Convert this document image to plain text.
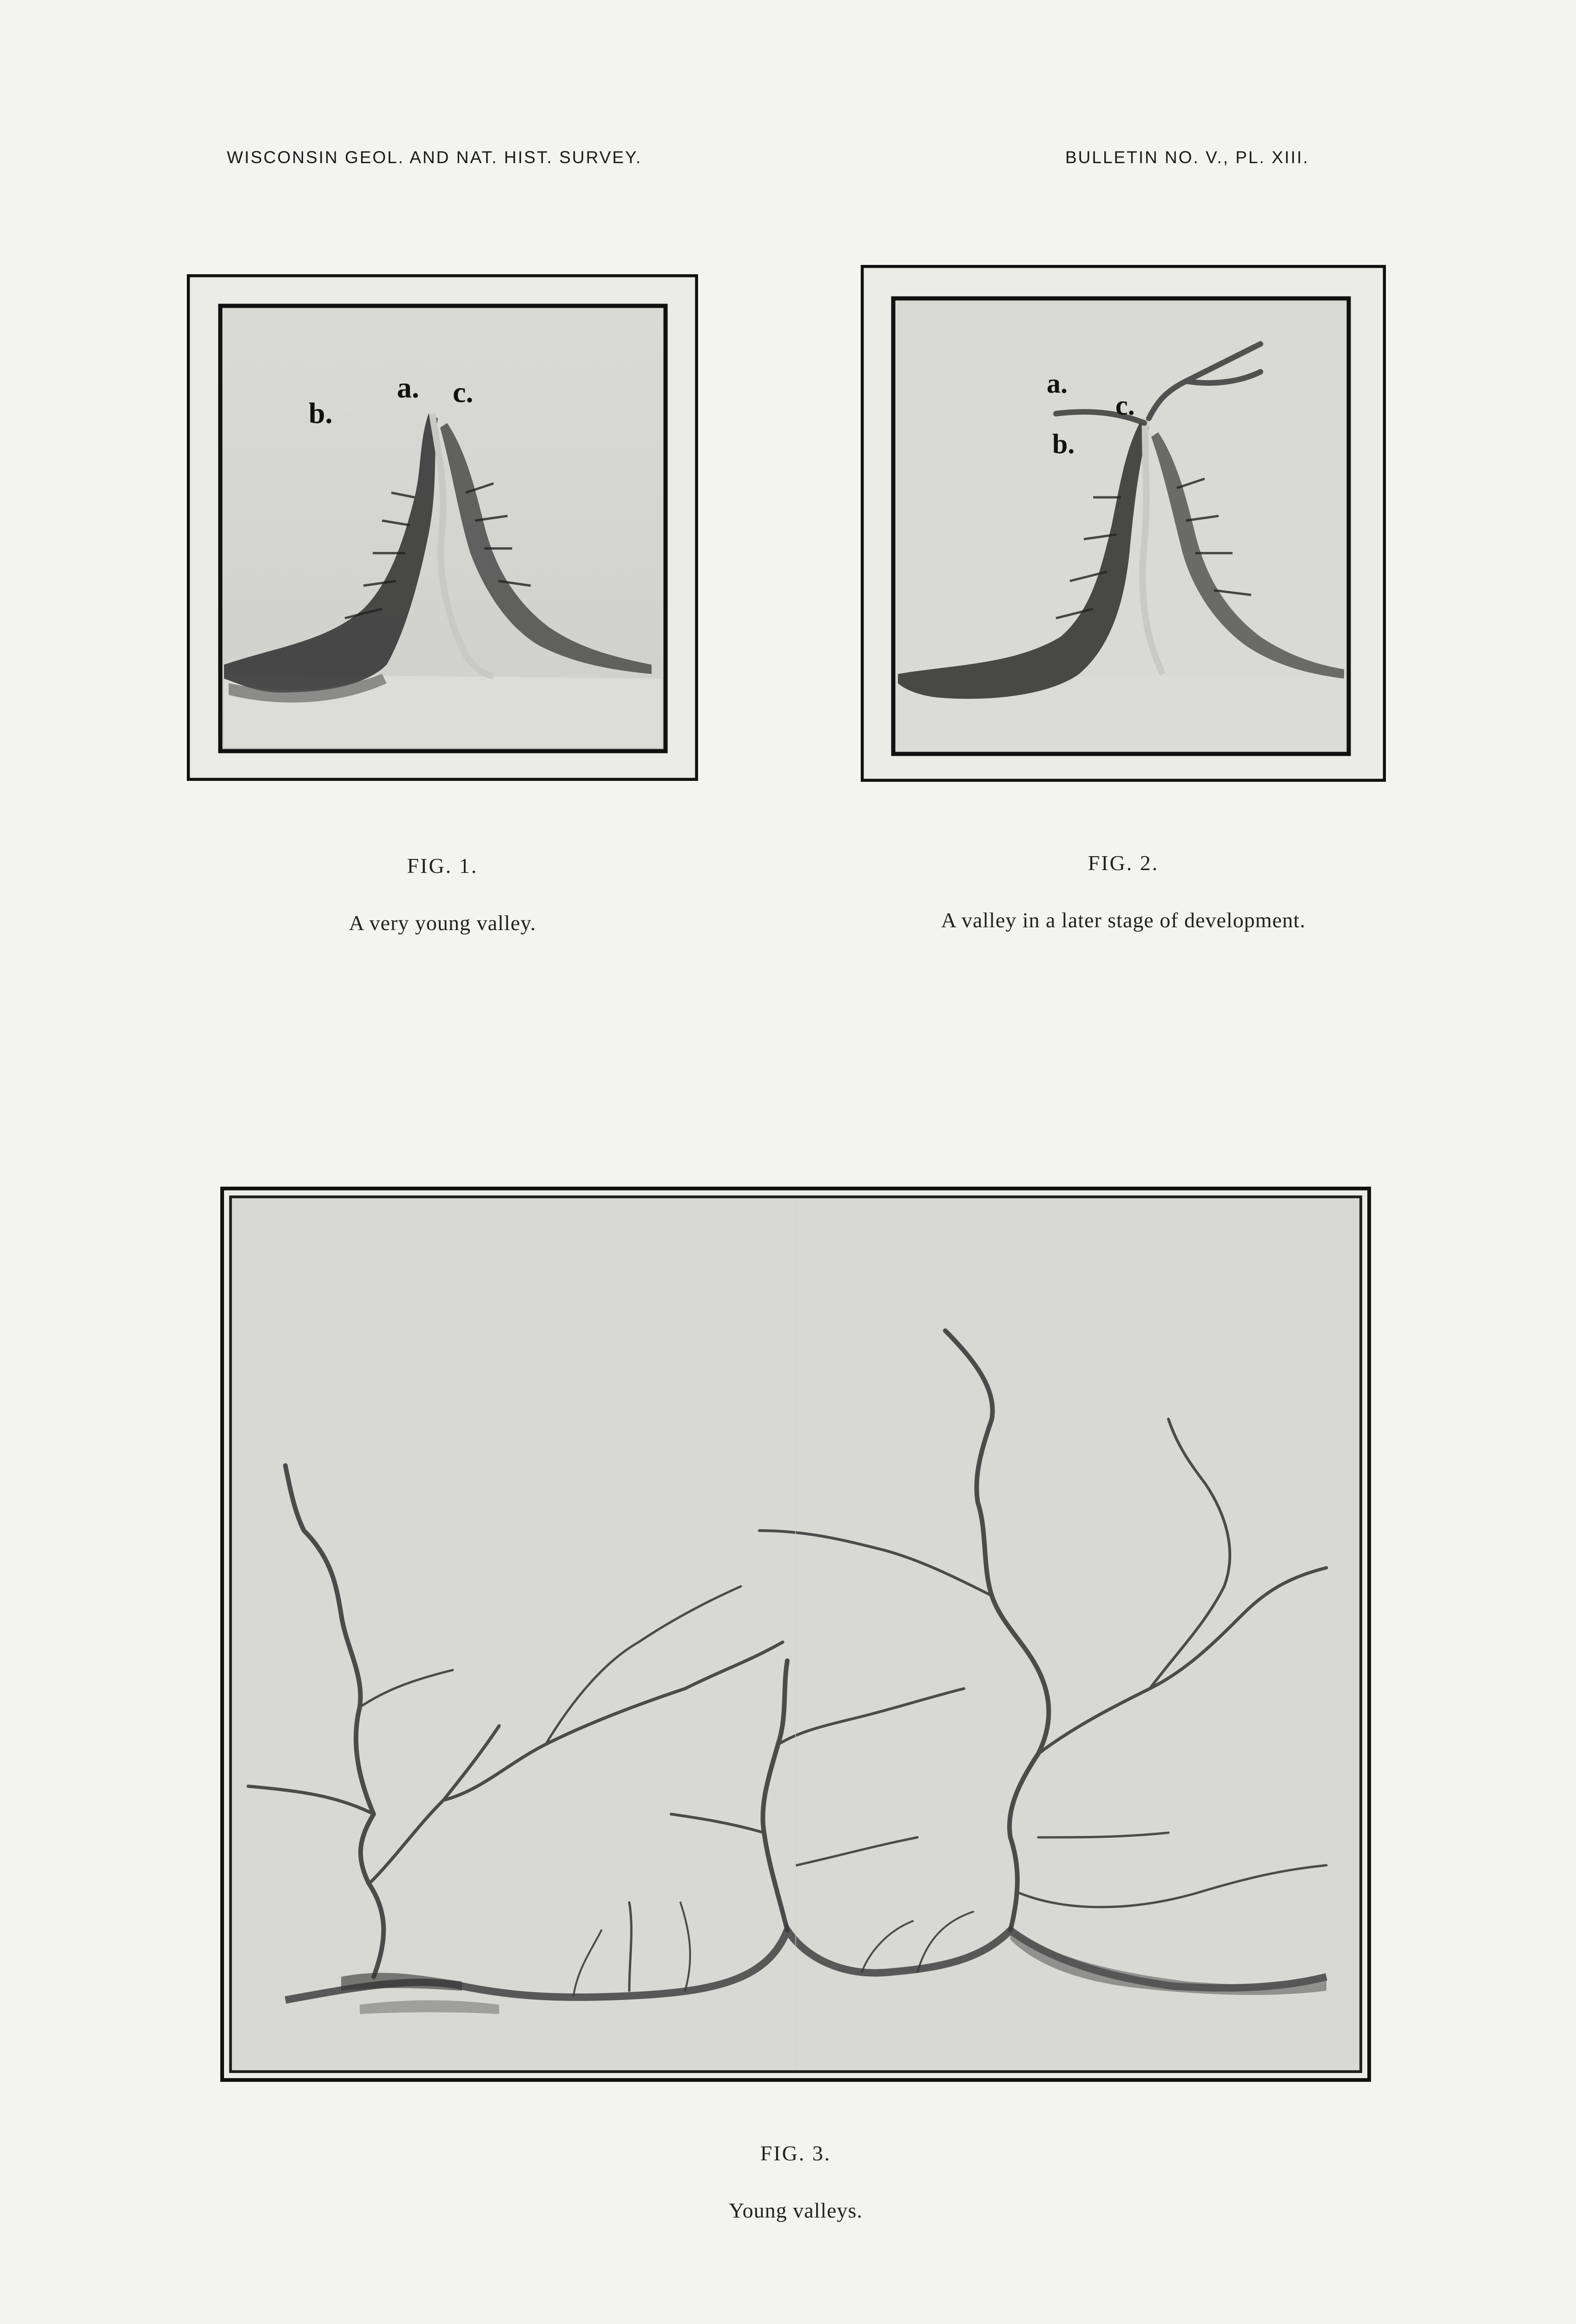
WISCONSIN GEOL. AND NAT. HIST. SURVEY.	BULLETIN NO. V., PL. XIII.
b.
a. c.	a.
b.
c.
FIG. 1.
A very young valley.
FIG. 2.
A valley in a later stage of development.
FIG. 3.
Young valleys.
